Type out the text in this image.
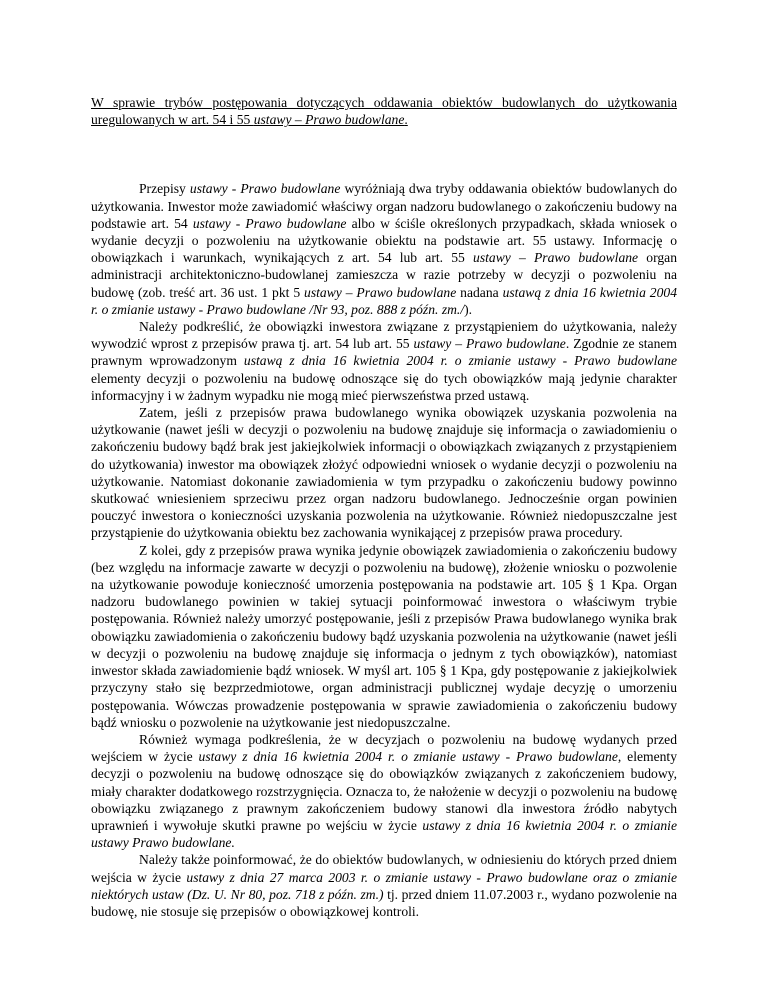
W sprawie trybów postępowania dotyczących oddawania obiektów budowlanych do użytkowania uregulowanych w art. 54 i 55 ustawy – Prawo budowlane.

Przepisy ustawy - Prawo budowlane wyróżniają dwa tryby oddawania obiektów budowlanych do użytkowania. Inwestor może zawiadomić właściwy organ nadzoru budowlanego o zakończeniu budowy na podstawie art. 54 ustawy - Prawo budowlane albo w ściśle określonych przypadkach, składa wniosek o wydanie decyzji o pozwoleniu na użytkowanie obiektu na podstawie art. 55 ustawy. Informację o obowiązkach i warunkach, wynikających z art. 54 lub art. 55 ustawy – Prawo budowlane organ administracji architektoniczno-budowlanej zamieszcza w razie potrzeby w decyzji o pozwoleniu na budowę (zob. treść art. 36 ust. 1 pkt 5 ustawy – Prawo budowlane nadana ustawą z dnia 16 kwietnia 2004 r. o zmianie ustawy - Prawo budowlane /Nr 93, poz. 888 z późn. zm./).

Należy podkreślić, że obowiązki inwestora związane z przystąpieniem do użytkowania, należy wywodzić wprost z przepisów prawa tj. art. 54 lub art. 55 ustawy – Prawo budowlane. Zgodnie ze stanem prawnym wprowadzonym ustawą z dnia 16 kwietnia 2004 r. o zmianie ustawy - Prawo budowlane elementy decyzji o pozwoleniu na budowę odnoszące się do tych obowiązków mają jedynie charakter informacyjny i w żadnym wypadku nie mogą mieć pierwszeństwa przed ustawą.

Zatem, jeśli z przepisów prawa budowlanego wynika obowiązek uzyskania pozwolenia na użytkowanie (nawet jeśli w decyzji o pozwoleniu na budowę znajduje się informacja o zawiadomieniu o zakończeniu budowy bądź brak jest jakiejkolwiek informacji o obowiązkach związanych z przystąpieniem do użytkowania) inwestor ma obowiązek złożyć odpowiedni wniosek o wydanie decyzji o pozwoleniu na użytkowanie. Natomiast dokonanie zawiadomienia w tym przypadku o zakończeniu budowy powinno skutkować wniesieniem sprzeciwu przez organ nadzoru budowlanego. Jednocześnie organ powinien pouczyć inwestora o konieczności uzyskania pozwolenia na użytkowanie. Również niedopuszczalne jest przystąpienie do użytkowania obiektu bez zachowania wynikającej z przepisów prawa procedury.

Z kolei, gdy z przepisów prawa wynika jedynie obowiązek zawiadomienia o zakończeniu budowy (bez względu na informacje zawarte w decyzji o pozwoleniu na budowę), złożenie wniosku o pozwolenie na użytkowanie powoduje konieczność umorzenia postępowania na podstawie art. 105 § 1 Kpa. Organ nadzoru budowlanego powinien w takiej sytuacji poinformować inwestora o właściwym trybie postępowania. Również należy umorzyć postępowanie, jeśli z przepisów Prawa budowlanego wynika brak obowiązku zawiadomienia o zakończeniu budowy bądź uzyskania pozwolenia na użytkowanie (nawet jeśli w decyzji o pozwoleniu na budowę znajduje się informacja o jednym z tych obowiązków), natomiast inwestor składa zawiadomienie bądź wniosek. W myśl art. 105 § 1 Kpa, gdy postępowanie z jakiejkolwiek przyczyny stało się bezprzedmiotowe, organ administracji publicznej wydaje decyzję o umorzeniu postępowania. Wówczas prowadzenie postępowania w sprawie zawiadomienia o zakończeniu budowy bądź wniosku o pozwolenie na użytkowanie jest niedopuszczalne.

Również wymaga podkreślenia, że w decyzjach o pozwoleniu na budowę wydanych przed wejściem w życie ustawy z dnia 16 kwietnia 2004 r. o zmianie ustawy - Prawo budowlane, elementy decyzji o pozwoleniu na budowę odnoszące się do obowiązków związanych z zakończeniem budowy, miały charakter dodatkowego rozstrzygnięcia. Oznacza to, że nałożenie w decyzji o pozwoleniu na budowę obowiązku związanego z prawnym zakończeniem budowy stanowi dla inwestora źródło nabytych uprawnień i wywołuje skutki prawne po wejściu w życie ustawy z dnia 16 kwietnia 2004 r. o zmianie ustawy Prawo budowlane.

Należy także poinformować, że do obiektów budowlanych, w odniesieniu do których przed dniem wejścia w życie ustawy z dnia 27 marca 2003 r. o zmianie ustawy - Prawo budowlane oraz o zmianie niektórych ustaw (Dz. U. Nr 80, poz. 718 z późn. zm.) tj. przed dniem 11.07.2003 r., wydano pozwolenie na budowę, nie stosuje się przepisów o obowiązkowej kontroli.
